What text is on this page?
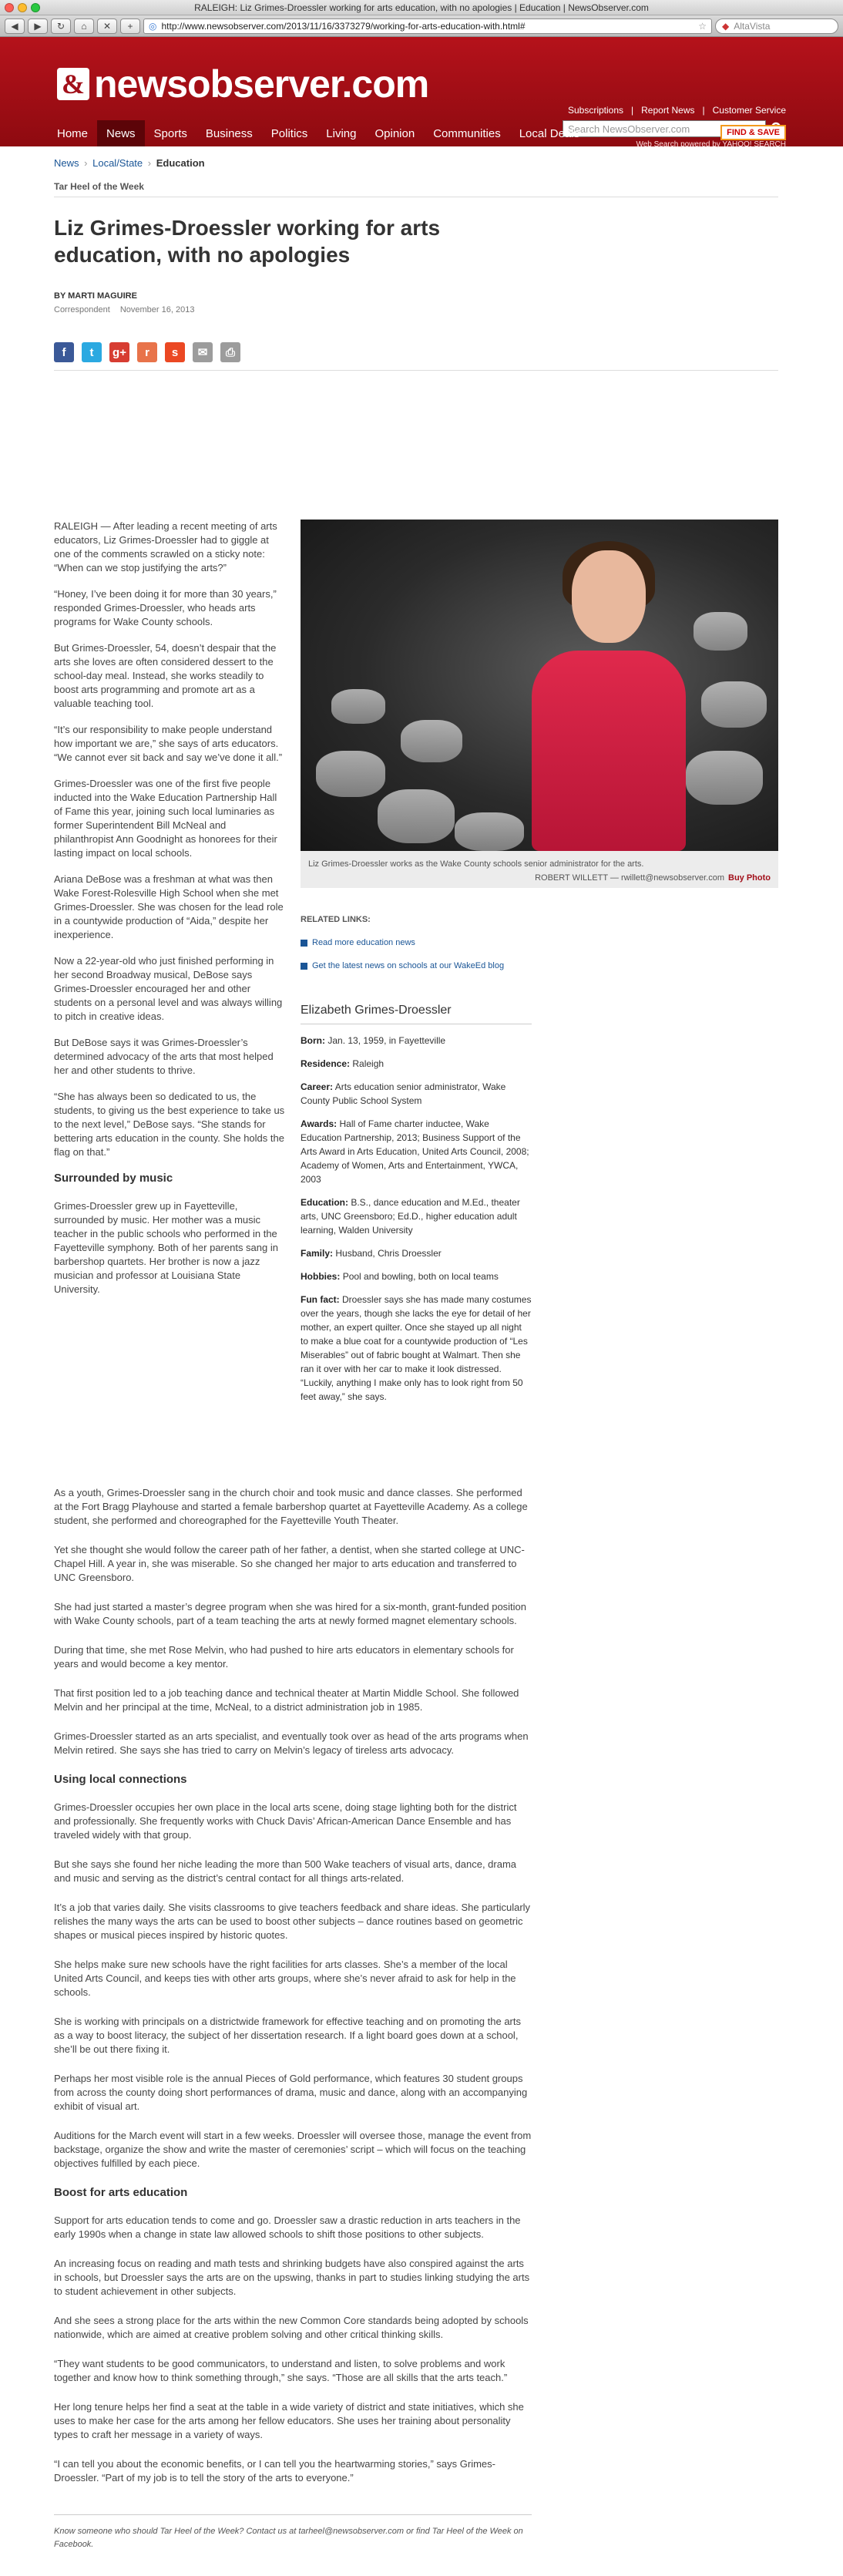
RALEIGH: Liz Grimes-Droessler working for arts education, with no apologies | Education | NewsObserver.com
◀ ▶ ↻ ⌂ ✕ + ◎ http://www.newsobserver.com/2013/11/16/3373279/working-for-arts-education-with.html#	☆ ◆ AltaVista
& newsobserver.com
Subscriptions | Report News | Customer Service
Search NewsObserver.com
Web Search powered by YAHOO! SEARCH
Home	News	Sports	Business	Politics	Living	Opinion	Communities	Local Deals	FIND & SAVE
News › Local/State › Education
Tar Heel of the Week
Liz Grimes-Droessler working for arts education, with no apologies
BY MARTI MAGUIRE
Correspondent November 16, 2013
f	t	g+	r	s	✉	⎙

RALEIGH — After leading a recent meeting of arts educators, Liz Grimes-Droessler had to giggle at one of the comments scrawled on a sticky note: “When can we stop justifying the arts?”

“Honey, I’ve been doing it for more than 30 years,” responded Grimes-Droessler, who heads arts programs for Wake County schools.

But Grimes-Droessler, 54, doesn’t despair that the arts she loves are often considered dessert to the school-day meal. Instead, she works steadily to boost arts programming and promote art as a valuable teaching tool.

“It’s our responsibility to make people understand how important we are,” she says of arts educators. “We cannot ever sit back and say we’ve done it all.”

Grimes-Droessler was one of the first five people inducted into the Wake Education Partnership Hall of Fame this year, joining such local luminaries as former Superintendent Bill McNeal and philanthropist Ann Goodnight as honorees for their lasting impact on local schools.

Ariana DeBose was a freshman at what was then Wake Forest-Rolesville High School when she met Grimes-Droessler. She was chosen for the lead role in a countywide production of “Aida,” despite her inexperience.

Now a 22-year-old who just finished performing in her second Broadway musical, DeBose says Grimes-Droessler encouraged her and other students on a personal level and was always willing to pitch in creative ideas.

But DeBose says it was Grimes-Droessler’s determined advocacy of the arts that most helped her and other students to thrive.

“She has always been so dedicated to us, the students, to giving us the best experience to take us to the next level,” DeBose says. “She stands for bettering arts education in the county. She holds the flag on that.”

Surrounded by music

Grimes-Droessler grew up in Fayetteville, surrounded by music. Her mother was a music teacher in the public schools who performed in the Fayetteville symphony. Both of her parents sang in barbershop quartets. Her brother is now a jazz musician and professor at Louisiana State University.

Liz Grimes-Droessler works as the Wake County schools senior administrator for the arts.
ROBERT WILLETT — rwillett@newsobserver.com Buy Photo
RELATED LINKS:
Read more education news
Get the latest news on schools at our WakeEd blog
Elizabeth Grimes-Droessler
Born: Jan. 13, 1959, in Fayetteville
Residence: Raleigh
Career: Arts education senior administrator, Wake County Public School System
Awards: Hall of Fame charter inductee, Wake Education Partnership, 2013; Business Support of the Arts Award in Arts Education, United Arts Council, 2008; Academy of Women, Arts and Entertainment, YWCA, 2003
Education: B.S., dance education and M.Ed., theater arts, UNC Greensboro; Ed.D., higher education adult learning, Walden University
Family: Husband, Chris Droessler
Hobbies: Pool and bowling, both on local teams
Fun fact: Droessler says she has made many costumes over the years, though she lacks the eye for detail of her mother, an expert quilter. Once she stayed up all night to make a blue coat for a countywide production of “Les Miserables” out of fabric bought at Walmart. Then she ran it over with her car to make it look distressed. “Luckily, anything I make only has to look right from 50 feet away,” she says.

As a youth, Grimes-Droessler sang in the church choir and took music and dance classes. She performed at the Fort Bragg Playhouse and started a female barbershop quartet at Fayetteville Academy. As a college student, she performed and choreographed for the Fayetteville Youth Theater.

Yet she thought she would follow the career path of her father, a dentist, when she started college at UNC-Chapel Hill. A year in, she was miserable. So she changed her major to arts education and transferred to UNC Greensboro.

She had just started a master’s degree program when she was hired for a six-month, grant-funded position with Wake County schools, part of a team teaching the arts at newly formed magnet elementary schools.

During that time, she met Rose Melvin, who had pushed to hire arts educators in elementary schools for years and would become a key mentor.

That first position led to a job teaching dance and technical theater at Martin Middle School. She followed Melvin and her principal at the time, McNeal, to a district administration job in 1985.

Grimes-Droessler started as an arts specialist, and eventually took over as head of the arts programs when Melvin retired. She says she has tried to carry on Melvin’s legacy of tireless arts advocacy.

Using local connections

Grimes-Droessler occupies her own place in the local arts scene, doing stage lighting both for the district and professionally. She frequently works with Chuck Davis’ African-American Dance Ensemble and has traveled widely with that group.

But she says she found her niche leading the more than 500 Wake teachers of visual arts, dance, drama and music and serving as the district’s central contact for all things arts-related.

It’s a job that varies daily. She visits classrooms to give teachers feedback and share ideas. She particularly relishes the many ways the arts can be used to boost other subjects – dance routines based on geometric shapes or musical pieces inspired by historic quotes.

She helps make sure new schools have the right facilities for arts classes. She’s a member of the local United Arts Council, and keeps ties with other arts groups, where she’s never afraid to ask for help in the schools.

She is working with principals on a districtwide framework for effective teaching and on promoting the arts as a way to boost literacy, the subject of her dissertation research. If a light board goes down at a school, she’ll be out there fixing it.

Perhaps her most visible role is the annual Pieces of Gold performance, which features 30 student groups from across the county doing short performances of drama, music and dance, along with an accompanying exhibit of visual art.

Auditions for the March event will start in a few weeks. Droessler will oversee those, manage the event from backstage, organize the show and write the master of ceremonies’ script – which will focus on the teaching objectives fulfilled by each piece.

Boost for arts education

Support for arts education tends to come and go. Droessler saw a drastic reduction in arts teachers in the early 1990s when a change in state law allowed schools to shift those positions to other subjects.

An increasing focus on reading and math tests and shrinking budgets have also conspired against the arts in schools, but Droessler says the arts are on the upswing, thanks in part to studies linking studying the arts to student achievement in other subjects.

And she sees a strong place for the arts within the new Common Core standards being adopted by schools nationwide, which are aimed at creative problem solving and other critical thinking skills.

“They want students to be good communicators, to understand and listen, to solve problems and work together and know how to think something through,” she says. “Those are all skills that the arts teach.”

Her long tenure helps her find a seat at the table in a wide variety of district and state initiatives, which she uses to make her case for the arts among her fellow educators. She uses her training about personality types to craft her message in a variety of ways.

“I can tell you about the economic benefits, or I can tell you the heartwarming stories,” says Grimes-Droessler. “Part of my job is to tell the story of the arts to everyone.”

Know someone who should Tar Heel of the Week? Contact us at tarheel@newsobserver.com or find Tar Heel of the Week on Facebook.
